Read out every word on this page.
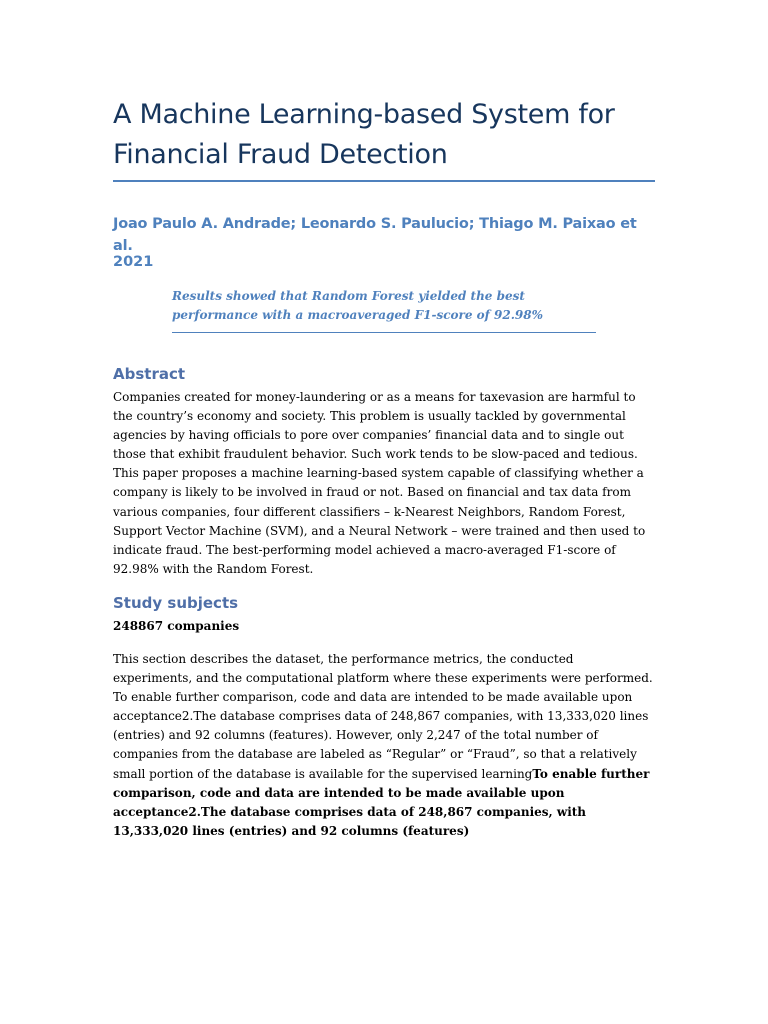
A Machine Learning-based System for Financial Fraud Detection
Joao Paulo A. Andrade; Leonardo S. Paulucio; Thiago M. Paixao et al.
2021
Results showed that Random Forest yielded the best performance with a macroaveraged F1-score of 92.98%
Abstract

Companies created for money-laundering or as a means for taxevasion are harmful to the country’s economy and society. This problem is usually tackled by governmental agencies by having officials to pore over companies’ financial data and to single out those that exhibit fraudulent behavior. Such work tends to be slow-paced and tedious. This paper proposes a machine learning-based system capable of classifying whether a company is likely to be involved in fraud or not. Based on financial and tax data from various companies, four different classifiers – k-Nearest Neighbors, Random Forest, Support Vector Machine (SVM), and a Neural Network – were trained and then used to indicate fraud. The best-performing model achieved a macro-averaged F1-score of 92.98% with the Random Forest.

Study subjects

248867 companies

This section describes the dataset, the performance metrics, the conducted experiments, and the computational platform where these experiments were performed. To enable further comparison, code and data are intended to be made available upon acceptance2.The database comprises data of 248,867 companies, with 13,333,020 lines (entries) and 92 columns (features). However, only 2,247 of the total number of companies from the database are labeled as “Regular” or “Fraud”, so that a relatively small portion of the database is available for the supervised learningTo enable further comparison, code and data are intended to be made available upon acceptance2.The database comprises data of 248,867 companies, with 13,333,020 lines (entries) and 92 columns (features)
